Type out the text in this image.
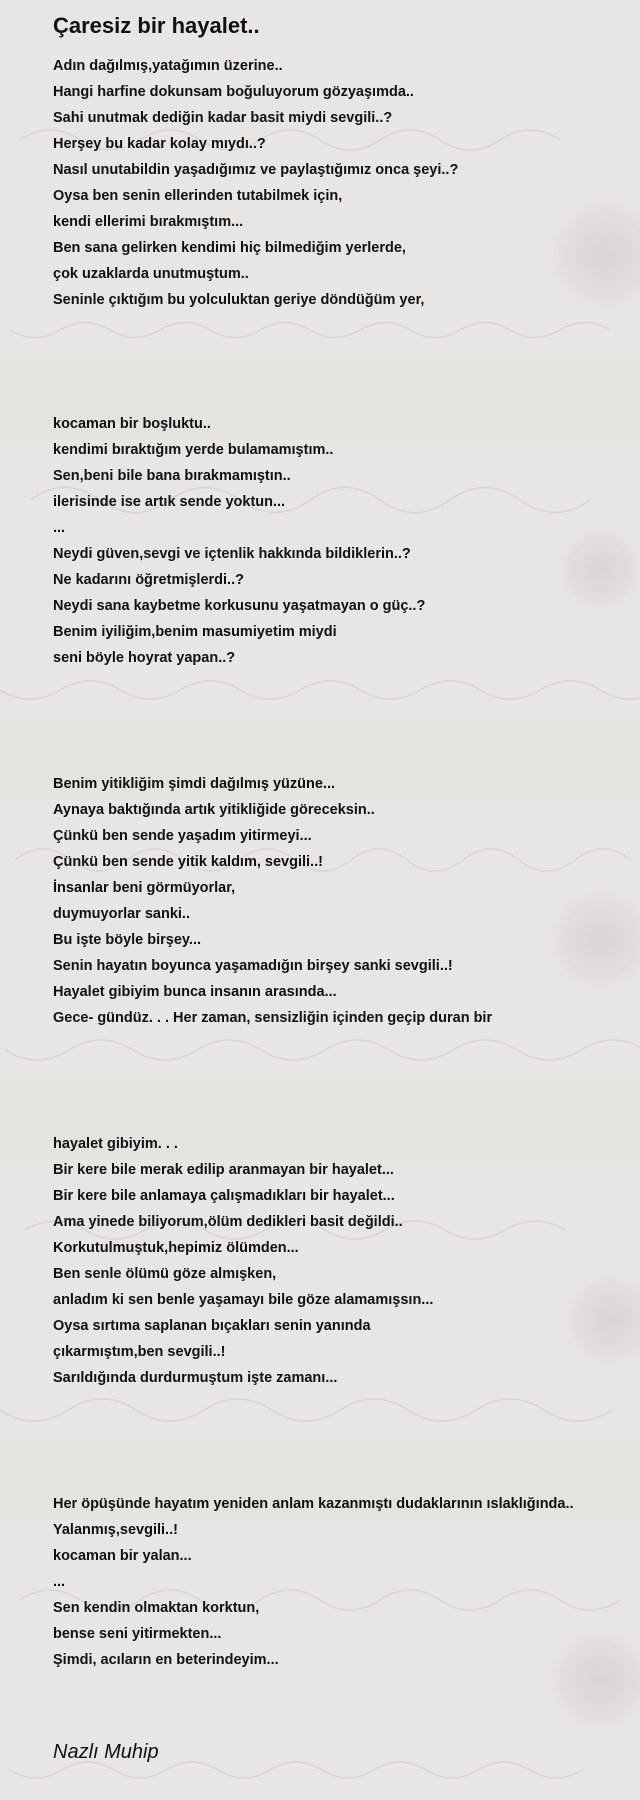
Çaresiz bir hayalet..
Adın dağılmış,yatağımın üzerine..
Hangi harfine dokunsam boğuluyorum gözyaşımda..
Sahi unutmak dediğin kadar basit miydi sevgili..?
Herşey bu kadar kolay mıydı..?
Nasıl unutabildin yaşadığımız ve paylaştığımız onca şeyi..?
Oysa ben senin ellerinden tutabilmek için,
kendi ellerimi bırakmıştım...
Ben sana gelirken kendimi hiç bilmediğim yerlerde,
çok uzaklarda unutmuştum..
Seninle çıktığım bu yolculuktan geriye döndüğüm yer,
kocaman bir boşluktu..
kendimi bıraktığım yerde bulamamıştım..
Sen,beni bile bana bırakmamıştın..
ilerisinde ise artık sende yoktun...
...
Neydi güven,sevgi ve içtenlik hakkında bildiklerin..?
Ne kadarını öğretmişlerdi..?
Neydi sana kaybetme korkusunu yaşatmayan o güç..?
Benim iyiliğim,benim masumiyetim miydi
seni böyle hoyrat yapan..?
Benim yitikliğim şimdi dağılmış yüzüne...
Aynaya baktığında artık yitikliğide göreceksin..
Çünkü ben sende yaşadım yitirmeyi...
Çünkü ben sende yitik kaldım, sevgili..!
İnsanlar beni görmüyorlar,
duymuyorlar sanki..
Bu işte böyle birşey...
Senin hayatın boyunca yaşamadığın birşey sanki sevgili..!
Hayalet gibiyim bunca insanın arasında...
Gece- gündüz. . . Her zaman, sensizliğin içinden geçip duran bir
hayalet gibiyim. . .
Bir kere bile merak edilip aranmayan bir hayalet...
Bir kere bile anlamaya çalışmadıkları bir hayalet...
Ama yinede biliyorum,ölüm dedikleri basit değildi..
Korkutulmuştuk,hepimiz ölümden...
Ben senle ölümü göze almışken,
anladım ki sen benle yaşamayı bile göze alamamışsın...
Oysa sırtıma saplanan bıçakları senin yanında
çıkarmıştım,ben sevgili..!
Sarıldığında durdurmuştum işte zamanı...
Her öpüşünde hayatım yeniden anlam kazanmıştı dudaklarının ıslaklığında..
Yalanmış,sevgili..!
kocaman bir yalan...
...
Sen kendin olmaktan korktun,
bense seni yitirmekten...
Şimdi, acıların en beterindeyim...

Nazlı Muhip
